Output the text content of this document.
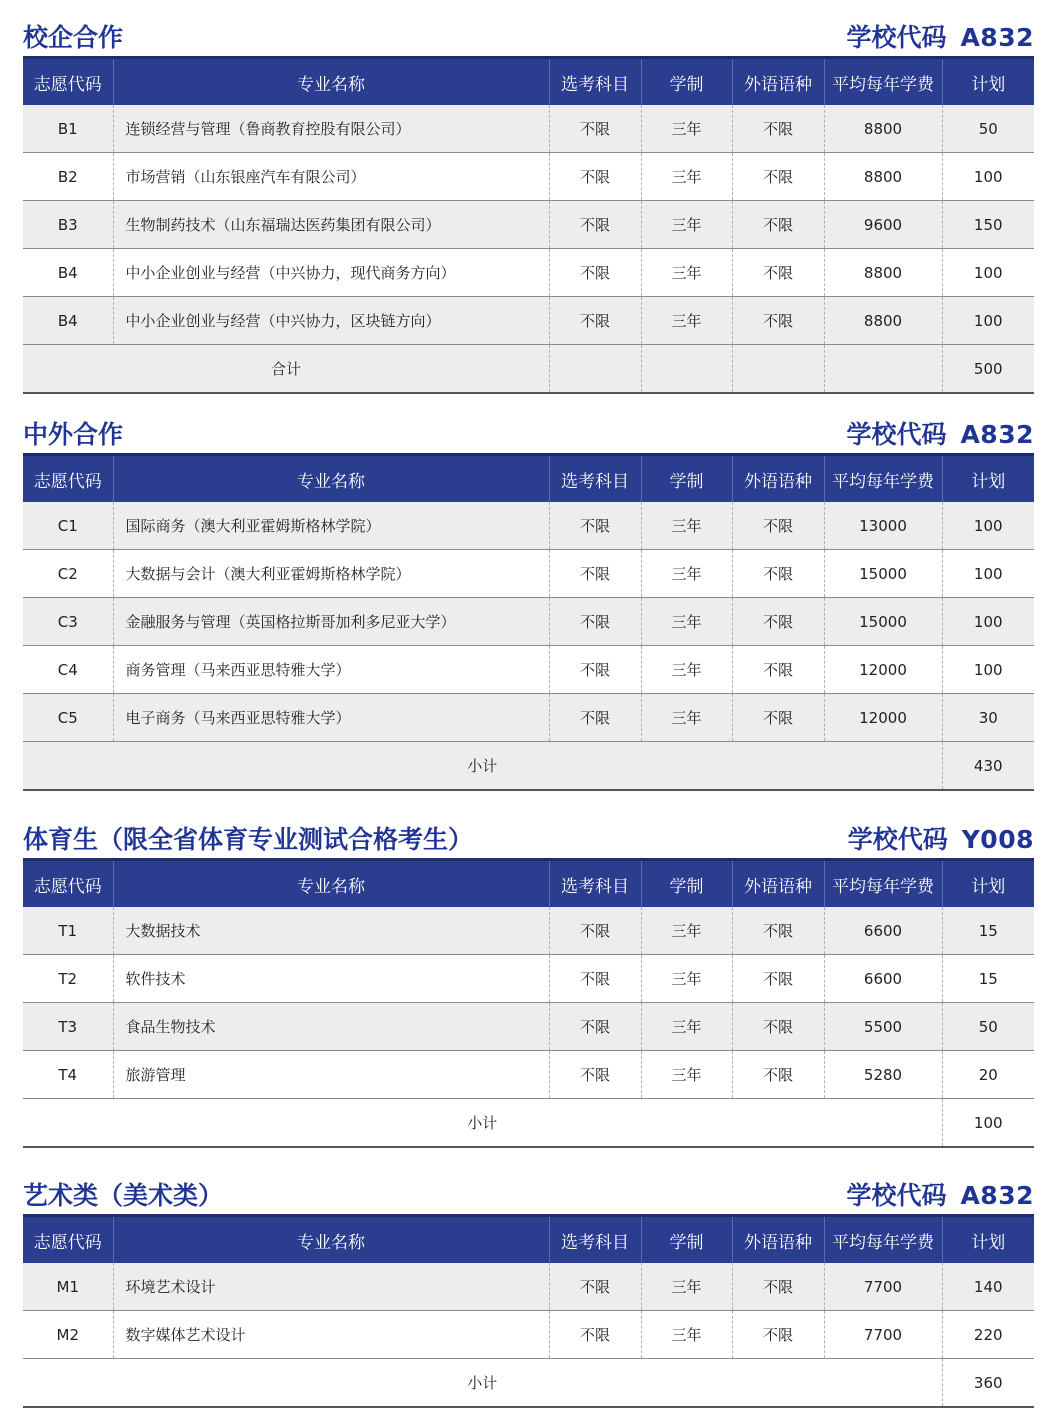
校企合作	学校代码 A832
志愿代码	专业名称	选考科目	学制	外语语种	平均每年学费	计划
B1	连锁经营与管理（鲁商教育控股有限公司）	不限	三年	不限	8800	50
B2	市场营销（山东银座汽车有限公司）	不限	三年	不限	8800	100
B3	生物制药技术（山东福瑞达医药集团有限公司）	不限	三年	不限	9600	150
B4	中小企业创业与经营（中兴协力，现代商务方向）	不限	三年	不限	8800	100
B4	中小企业创业与经营（中兴协力，区块链方向）	不限	三年	不限	8800	100
	合计					500
中外合作	学校代码 A832
志愿代码	专业名称	选考科目	学制	外语语种	平均每年学费	计划
C1	国际商务（澳大利亚霍姆斯格林学院）	不限	三年	不限	13000	100
C2	大数据与会计（澳大利亚霍姆斯格林学院）	不限	三年	不限	15000	100
C3	金融服务与管理（英国格拉斯哥加利多尼亚大学）	不限	三年	不限	15000	100
C4	商务管理（马来西亚思特雅大学）	不限	三年	不限	12000	100
C5	电子商务（马来西亚思特雅大学）	不限	三年	不限	12000	30
小计						430
体育生（限全省体育专业测试合格考生）	学校代码 Y008
志愿代码	专业名称	选考科目	学制	外语语种	平均每年学费	计划
T1	大数据技术	不限	三年	不限	6600	15
T2	软件技术	不限	三年	不限	6600	15
T3	食品生物技术	不限	三年	不限	5500	50
T4	旅游管理	不限	三年	不限	5280	20
小计						100
艺术类（美术类）	学校代码 A832
志愿代码	专业名称	选考科目	学制	外语语种	平均每年学费	计划
M1	环境艺术设计	不限	三年	不限	7700	140
M2	数字媒体艺术设计	不限	三年	不限	7700	220
小计						360
